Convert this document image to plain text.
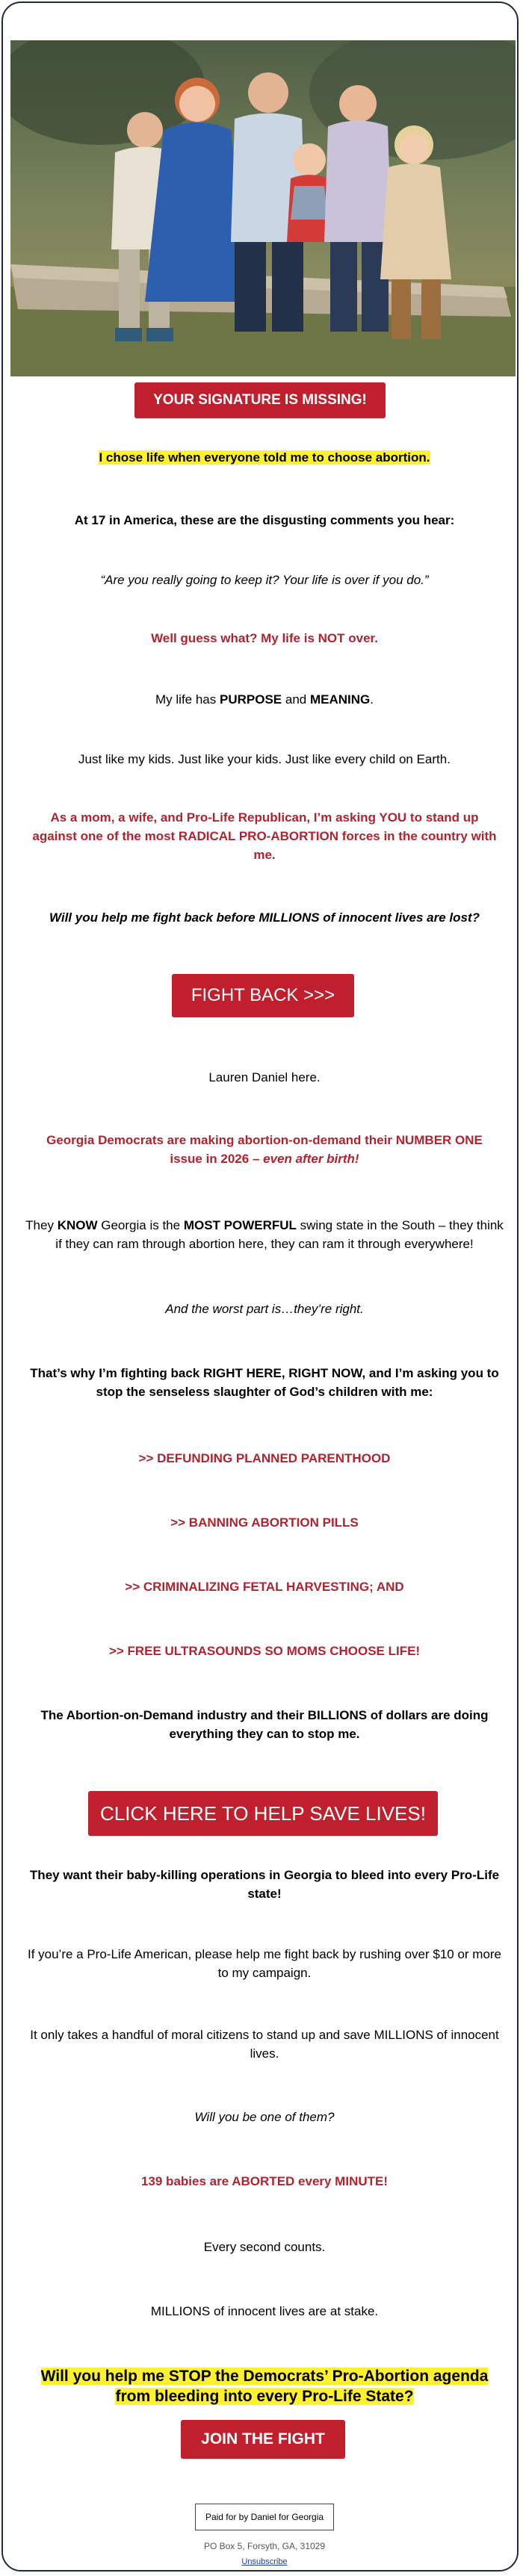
YOUR SIGNATURE IS MISSING!
I chose life when everyone told me to choose abortion.
At 17 in America, these are the disgusting comments you hear:
“Are you really going to keep it? Your life is over if you do.”
Well guess what? My life is NOT over.
My life has PURPOSE and MEANING.
Just like my kids. Just like your kids. Just like every child on Earth.
As a mom, a wife, and Pro-Life Republican, I’m asking YOU to stand up against one of the most RADICAL PRO-ABORTION forces in the country with me.
Will you help me fight back before MILLIONS of innocent lives are lost?
FIGHT BACK >>>
Lauren Daniel here.
Georgia Democrats are making abortion-on-demand their NUMBER ONE issue in 2026 – even after birth!
They KNOW Georgia is the MOST POWERFUL swing state in the South – they think if they can ram through abortion here, they can ram it through everywhere!
And the worst part is…they’re right.
That’s why I’m fighting back RIGHT HERE, RIGHT NOW, and I’m asking you to stop the senseless slaughter of God’s children with me:
>> DEFUNDING PLANNED PARENTHOOD
>> BANNING ABORTION PILLS
>> CRIMINALIZING FETAL HARVESTING; AND
>> FREE ULTRASOUNDS SO MOMS CHOOSE LIFE!
The Abortion-on-Demand industry and their BILLIONS of dollars are doing everything they can to stop me.
CLICK HERE TO HELP SAVE LIVES!
They want their baby-killing operations in Georgia to bleed into every Pro-Life state!
If you’re a Pro-Life American, please help me fight back by rushing over $10 or more to my campaign.
It only takes a handful of moral citizens to stand up and save MILLIONS of innocent lives.
Will you be one of them?
139 babies are ABORTED every MINUTE!
Every second counts.
MILLIONS of innocent lives are at stake.
Will you help me STOP the Democrats’ Pro-Abortion agenda from bleeding into every Pro-Life State?
JOIN THE FIGHT
Paid for by Daniel for Georgia
PO Box 5, Forsyth, GA, 31029
Unsubscribe
